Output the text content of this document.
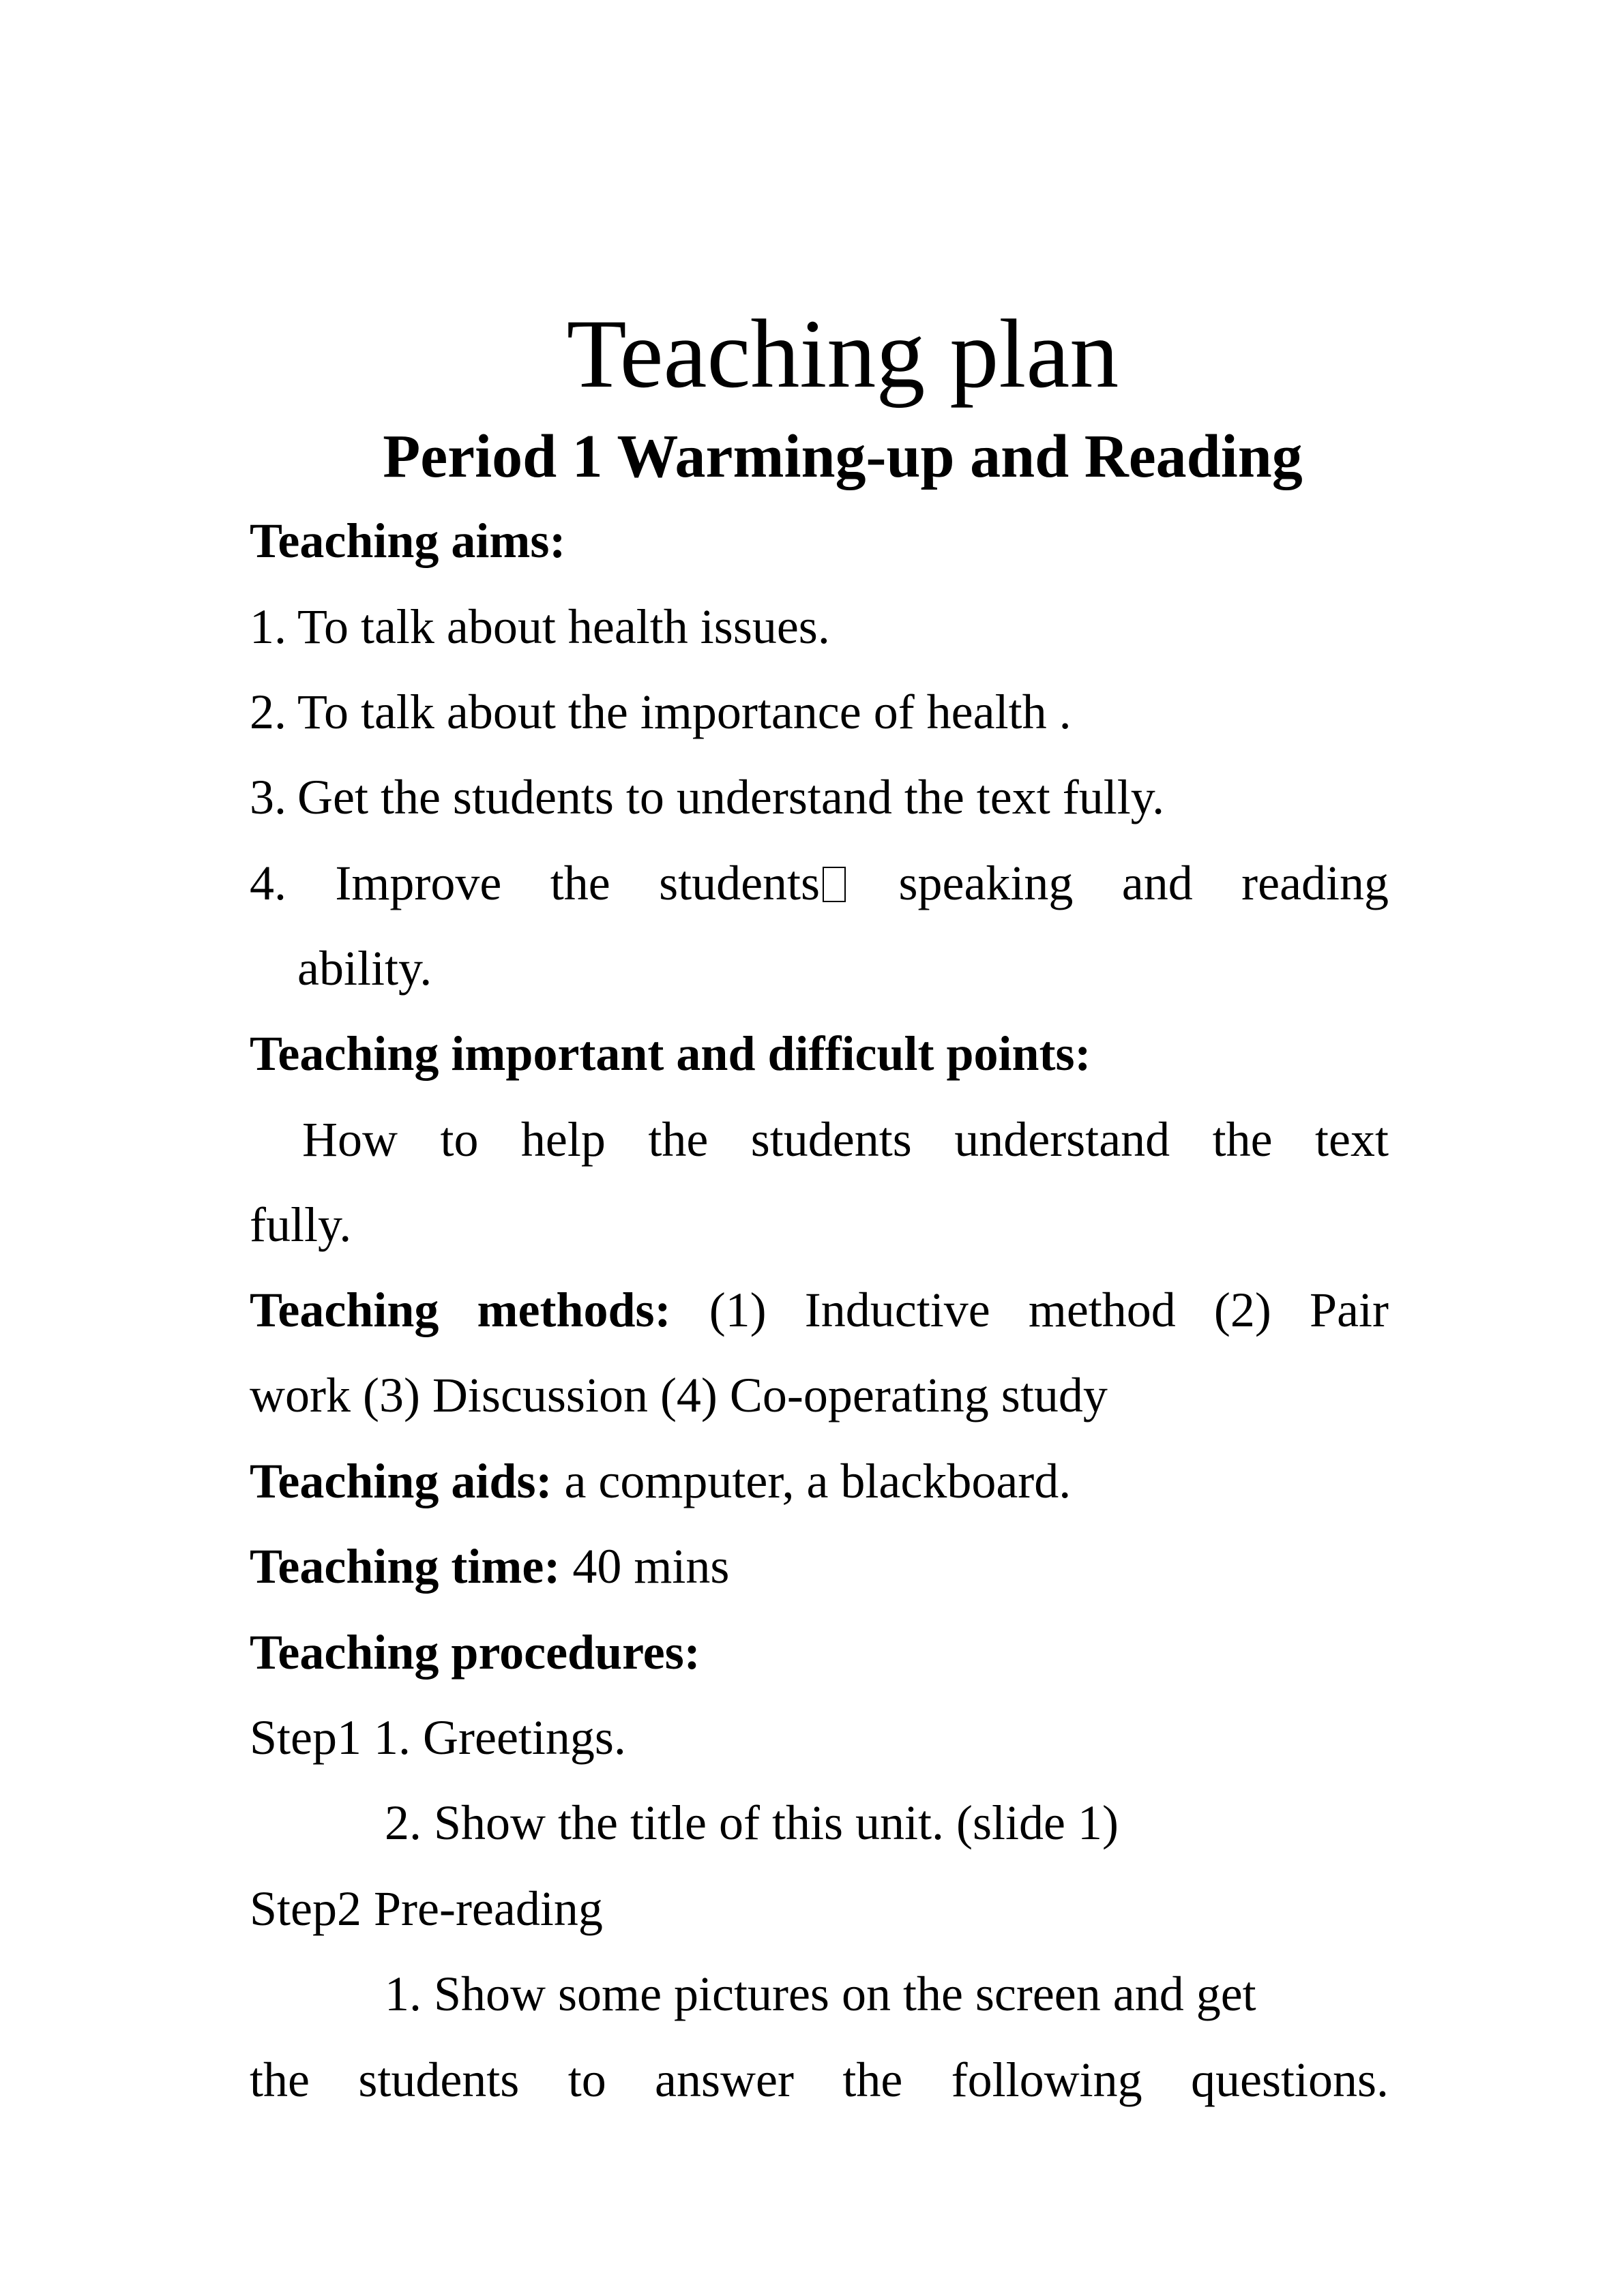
Teaching plan
Period 1 Warming-up and Reading
Teaching aims:
1. To talk about health issues.
2. To talk about the importance of health .
3. Get the students to understand the text fully.
4. Improve the students speaking and reading
ability.
Teaching important and difficult points:
How to help the students understand the text
fully.
Teaching methods: (1) Inductive method (2) Pair
work (3) Discussion (4) Co-operating study
Teaching aids: a computer, a blackboard.
Teaching time: 40 mins
Teaching procedures:
Step1 1. Greetings.
2. Show the title of this unit. (slide 1)
Step2 Pre-reading
1. Show some pictures on the screen and get
the students to answer the following questions.
